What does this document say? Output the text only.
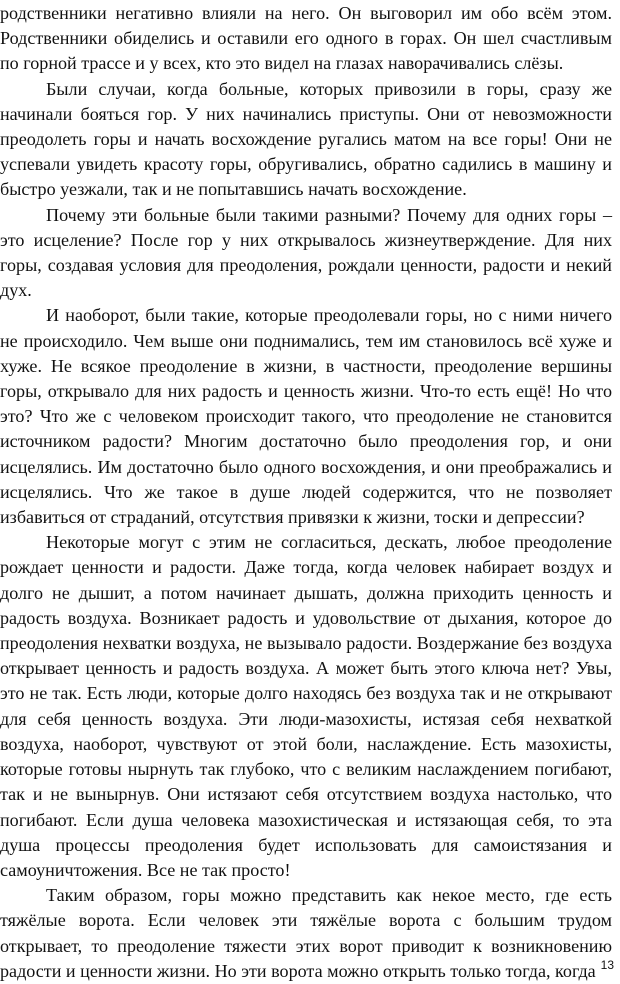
родственники негативно влияли на него. Он выговорил им обо всём этом. Родственники обиделись и оставили его одного в горах. Он шел счастливым по горной трассе и у всех, кто это видел на глазах наворачивались слёзы.

Были случаи, когда больные, которых привозили в горы, сразу же начинали бояться гор. У них начинались приступы. Они от невозможности преодолеть горы и начать восхождение ругались матом на все горы! Они не успевали увидеть красоту горы, обругивались, обратно садились в машину и быстро уезжали, так и не попытавшись начать восхождение.

Почему эти больные были такими разными? Почему для одних горы – это исцеление? После гор у них открывалось жизнеутверждение. Для них горы, создавая условия для преодоления, рождали ценности, радости и некий дух.

И наоборот, были такие, которые преодолевали горы, но с ними ничего не происходило. Чем выше они поднимались, тем им становилось всё хуже и хуже. Не всякое преодоление в жизни, в частности, преодоление вершины горы, открывало для них радость и ценность жизни. Что-то есть ещё! Но что это? Что же с человеком происходит такого, что преодоление не становится источником радости? Многим достаточно было преодоления гор, и они исцелялись. Им достаточно было одного восхождения, и они преображались и исцелялись. Что же такое в душе людей содержится, что не позволяет избавиться от страданий, отсутствия привязки к жизни, тоски и депрессии?

Некоторые могут с этим не согласиться, дескать, любое преодоление рождает ценности и радости. Даже тогда, когда человек набирает воздух и долго не дышит, а потом начинает дышать, должна приходить ценность и радость воздуха. Возникает радость и удовольствие от дыхания, которое до преодоления нехватки воздуха, не вызывало радости. Воздержание без воздуха открывает ценность и радость воздуха. А может быть этого ключа нет? Увы, это не так. Есть люди, которые долго находясь без воздуха так и не открывают для себя ценность воздуха. Эти люди-мазохисты, истязая себя нехваткой воздуха, наоборот, чувствуют от этой боли, наслаждение. Есть мазохисты, которые готовы нырнуть так глубоко, что с великим наслаждением погибают, так и не вынырнув. Они истязают себя отсутствием воздуха настолько, что погибают. Если душа человека мазохистическая и истязающая себя, то эта душа процессы преодоления будет использовать для самоистязания и самоуничтожения. Все не так просто!

Таким образом, горы можно представить как некое место, где есть тяжёлые ворота. Если человек эти тяжёлые ворота с большим трудом открывает, то преодоление тяжести этих ворот приводит к возникновению радости и ценности жизни. Но эти ворота можно открыть только тогда, когда 13
